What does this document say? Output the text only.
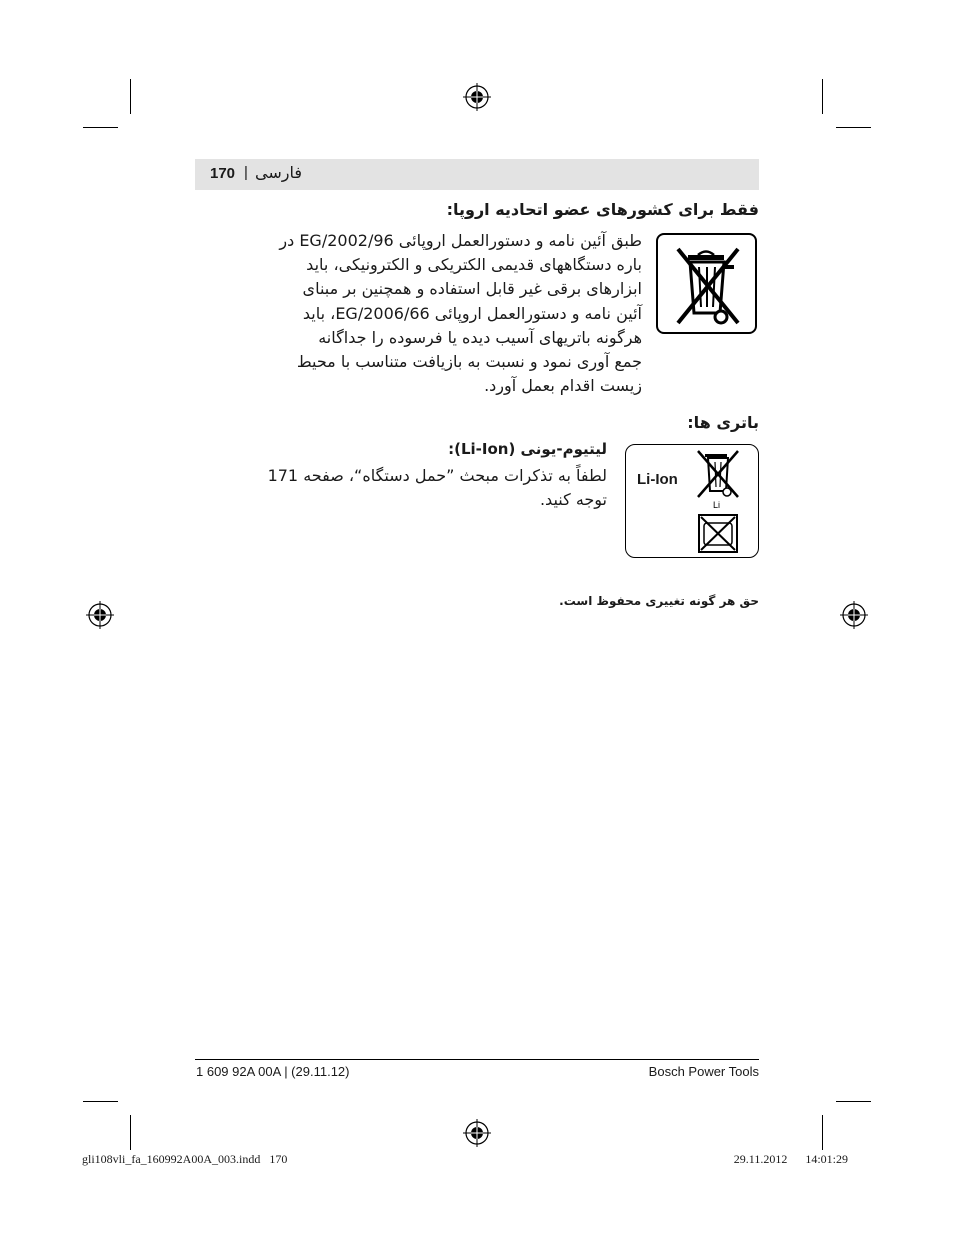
170 | فارسی
فقط برای کشورهای عضو اتحادیه اروپا:
طبق آئین نامه و دستورالعمل اروپائی 2002/96/EG در
باره دستگاههای قدیمی الکتریکی و الکترونیکی، باید
ابزارهای برقی غیر قابل استفاده و همچنین بر مبنای
آئین نامه و دستورالعمل اروپائی 2006/66/EG، باید
هرگونه باتریهای آسیب دیده یا فرسوده را جداگانه
جمع آوری نمود و نسبت به بازیافت متناسب با محیط
زیست اقدام بعمل آورد.
باتری ها:
لیتیوم-یونی (Li-Ion):
لطفاً به تذکرات مبحث ”حمل دستگاه“، صفحه 171
توجه کنید.
Li-Ion
Li
حق هر گونه تغییری محفوظ است.
1 609 92A 00A | (29.11.12)	Bosch Power Tools
gli108vli_fa_160992A00A_003.indd   170	29.11.2012   14:01:29
